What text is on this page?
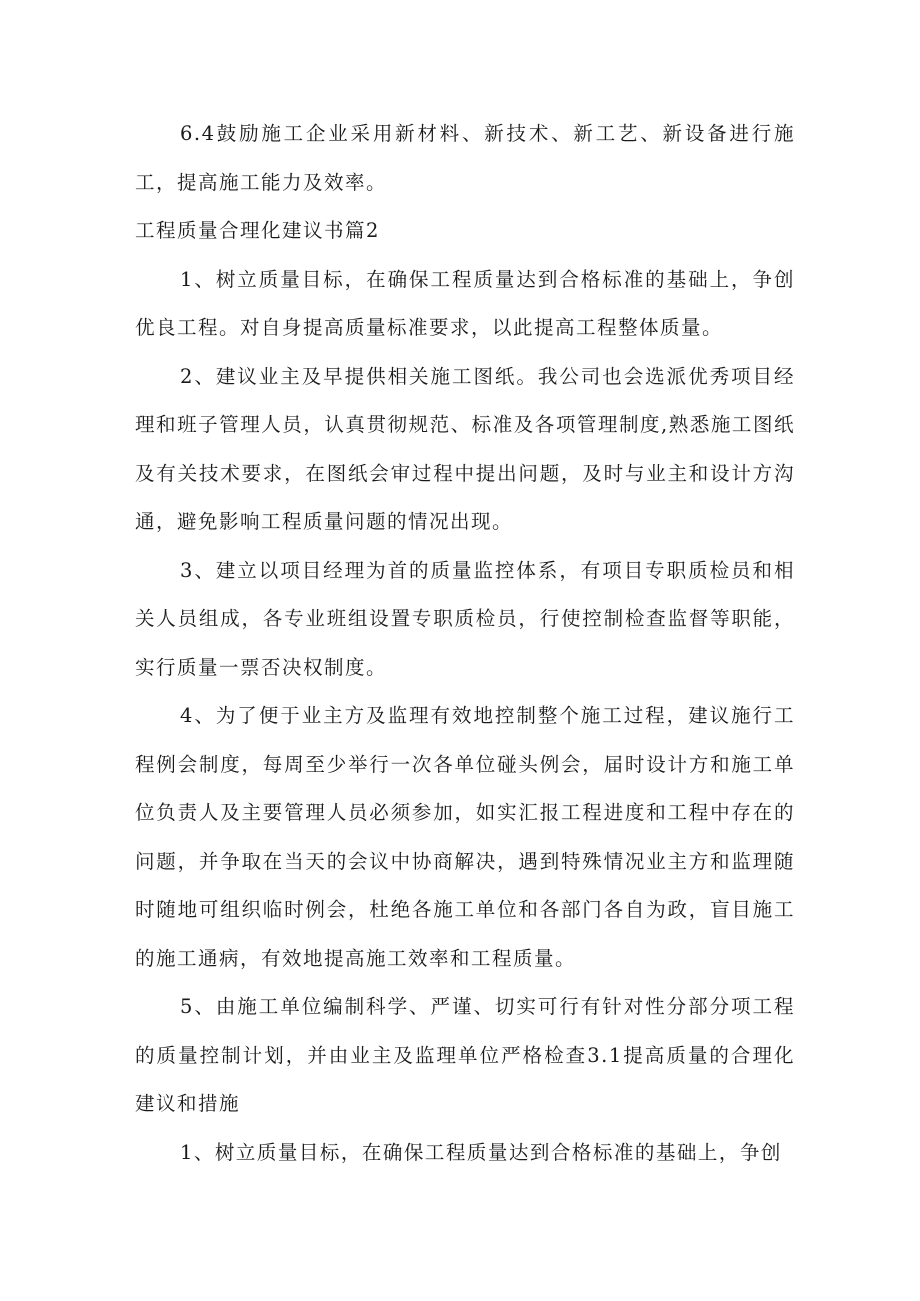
6.4鼓励施工企业采用新材料、新技术、新工艺、新设备进行施工，提高施工能力及效率。

工程质量合理化建议书篇2

1、树立质量目标，在确保工程质量达到合格标准的基础上，争创优良工程。对自身提高质量标准要求，以此提高工程整体质量。

2、建议业主及早提供相关施工图纸。我公司也会选派优秀项目经理和班子管理人员，认真贯彻规范、标准及各项管理制度,熟悉施工图纸及有关技术要求，在图纸会审过程中提出问题，及时与业主和设计方沟通，避免影响工程质量问题的情况出现。

3、建立以项目经理为首的质量监控体系，有项目专职质检员和相关人员组成，各专业班组设置专职质检员，行使控制检查监督等职能，实行质量一票否决权制度。

4、为了便于业主方及监理有效地控制整个施工过程，建议施行工程例会制度，每周至少举行一次各单位碰头例会，届时设计方和施工单位负责人及主要管理人员必须参加，如实汇报工程进度和工程中存在的问题，并争取在当天的会议中协商解决，遇到特殊情况业主方和监理随时随地可组织临时例会，杜绝各施工单位和各部门各自为政，盲目施工的施工通病，有效地提高施工效率和工程质量。

5、由施工单位编制科学、严谨、切实可行有针对性分部分项工程的质量控制计划，并由业主及监理单位严格检查3.1提高质量的合理化建议和措施

1、树立质量目标，在确保工程质量达到合格标准的基础上，争创
